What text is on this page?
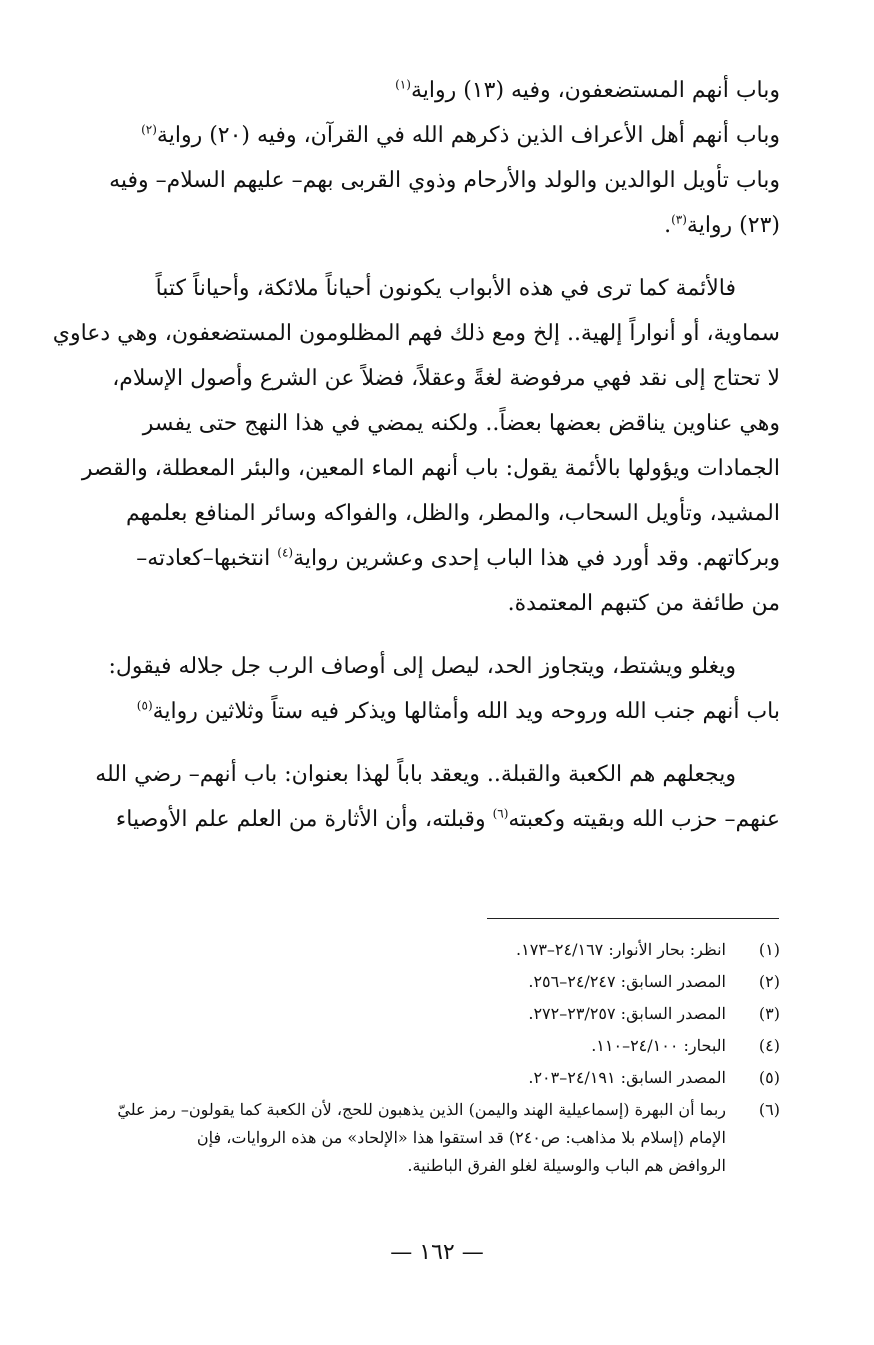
وباب أنهم المستضعفون، وفيه (١٣) رواية$^{(١)}$
وباب أنهم أهل الأعراف الذين ذكرهم الله في القرآن، وفيه (٢٠) رواية$^{(٢)}$
وباب تأويل الوالدين والولد والأرحام وذوي القربى بهم– عليهم السلام– وفيه
(٢٣) رواية$^{(٣)}$.
فالأئمة كما ترى في هذه الأبواب يكونون أحياناً ملائكة، وأحياناً كتباً
سماوية، أو أنواراً إلهية.. إلخ ومع ذلك فهم المظلومون المستضعفون، وهي دعاوي
لا تحتاج إلى نقد فهي مرفوضة لغةً وعقلاً، فضلاً عن الشرع وأصول الإسلام،
وهي عناوين يناقض بعضها بعضاً.. ولكنه يمضي في هذا النهج حتى يفسر
الجمادات ويؤولها بالأئمة يقول: باب أنهم الماء المعين، والبئر المعطلة، والقصر
المشيد، وتأويل السحاب، والمطر، والظل، والفواكه وسائر المنافع بعلمهم
وبركاتهم. وقد أورد في هذا الباب إحدى وعشرين رواية$^{(٤)}$ انتخبها–كعادته–
من طائفة من كتبهم المعتمدة.
ويغلو ويشتط، ويتجاوز الحد، ليصل إلى أوصاف الرب جل جلاله فيقول:
باب أنهم جنب الله وروحه ويد الله وأمثالها ويذكر فيه ستاً وثلاثين رواية$^{(٥)}$
ويجعلهم هم الكعبة والقبلة.. ويعقد باباً لهذا بعنوان: باب أنهم– رضي الله
عنهم– حزب الله وبقيته وكعبته$^{(٦)}$ وقبلته، وأن الأثارة من العلم علم الأوصياء
(١)
انظر: بحار الأنوار: ٢٤/١٦٧–١٧٣.
(٢)
المصدر السابق: ٢٤/٢٤٧–٢٥٦.
(٣)
المصدر السابق: ٢٣/٢٥٧–٢٧٢.
(٤)
البحار: ٢٤/١٠٠–١١٠.
(٥)
المصدر السابق: ٢٤/١٩١–٢٠٣.
(٦)
ربما أن البهرة (إسماعيلية الهند واليمن) الذين يذهبون للحج، لأن الكعبة كما يقولون– رمز عليّ
الإمام (إسلام بلا مذاهب: ص٢٤٠) قد استقوا هذا «الإلحاد» من هذه الروايات، فإن
الروافض هم الباب والوسيلة لغلو الفرق الباطنية.
— ١٦٢ —
